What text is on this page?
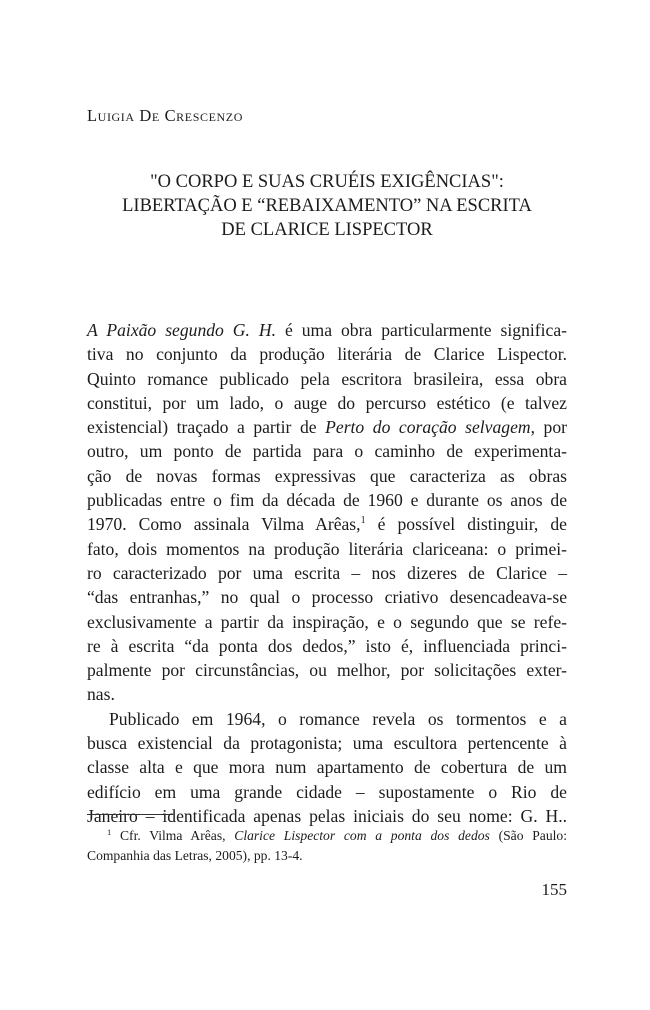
Luigia De Crescenzo
"O CORPO E SUAS CRUÉIS EXIGÊNCIAS":
LIBERTAÇÃO E “REBAIXAMENTO” NA ESCRITA
DE CLARICE LISPECTOR
A Paixão segundo G. H. é uma obra particularmente significa-
tiva no conjunto da produção literária de Clarice Lispector.
Quinto romance publicado pela escritora brasileira, essa obra
constitui, por um lado, o auge do percurso estético (e talvez
existencial) traçado a partir de Perto do coração selvagem, por
outro, um ponto de partida para o caminho de experimenta-
ção de novas formas expressivas que caracteriza as obras
publicadas entre o fim da década de 1960 e durante os anos de
1970. Como assinala Vilma Arêas,$^1$ é possível distinguir, de
fato, dois momentos na produção literária clariceana: o primei-
ro caracterizado por uma escrita – nos dizeres de Clarice –
“das entranhas,” no qual o processo criativo desencadeava-se
exclusivamente a partir da inspiração, e o segundo que se refe-
re à escrita “da ponta dos dedos,” isto é, influenciada princi-
palmente por circunstâncias, ou melhor, por solicitações exter-
nas.
Publicado em 1964, o romance revela os tormentos e a
busca existencial da protagonista; uma escultora pertencente à
classe alta e que mora num apartamento de cobertura de um
edifício em uma grande cidade – supostamente o Rio de
Janeiro – identificada apenas pelas iniciais do seu nome: G. H..
$^1$ Cfr. Vilma Arêas, Clarice Lispector com a ponta dos dedos (São Paulo:
Companhia das Letras, 2005), pp. 13-4.
155
